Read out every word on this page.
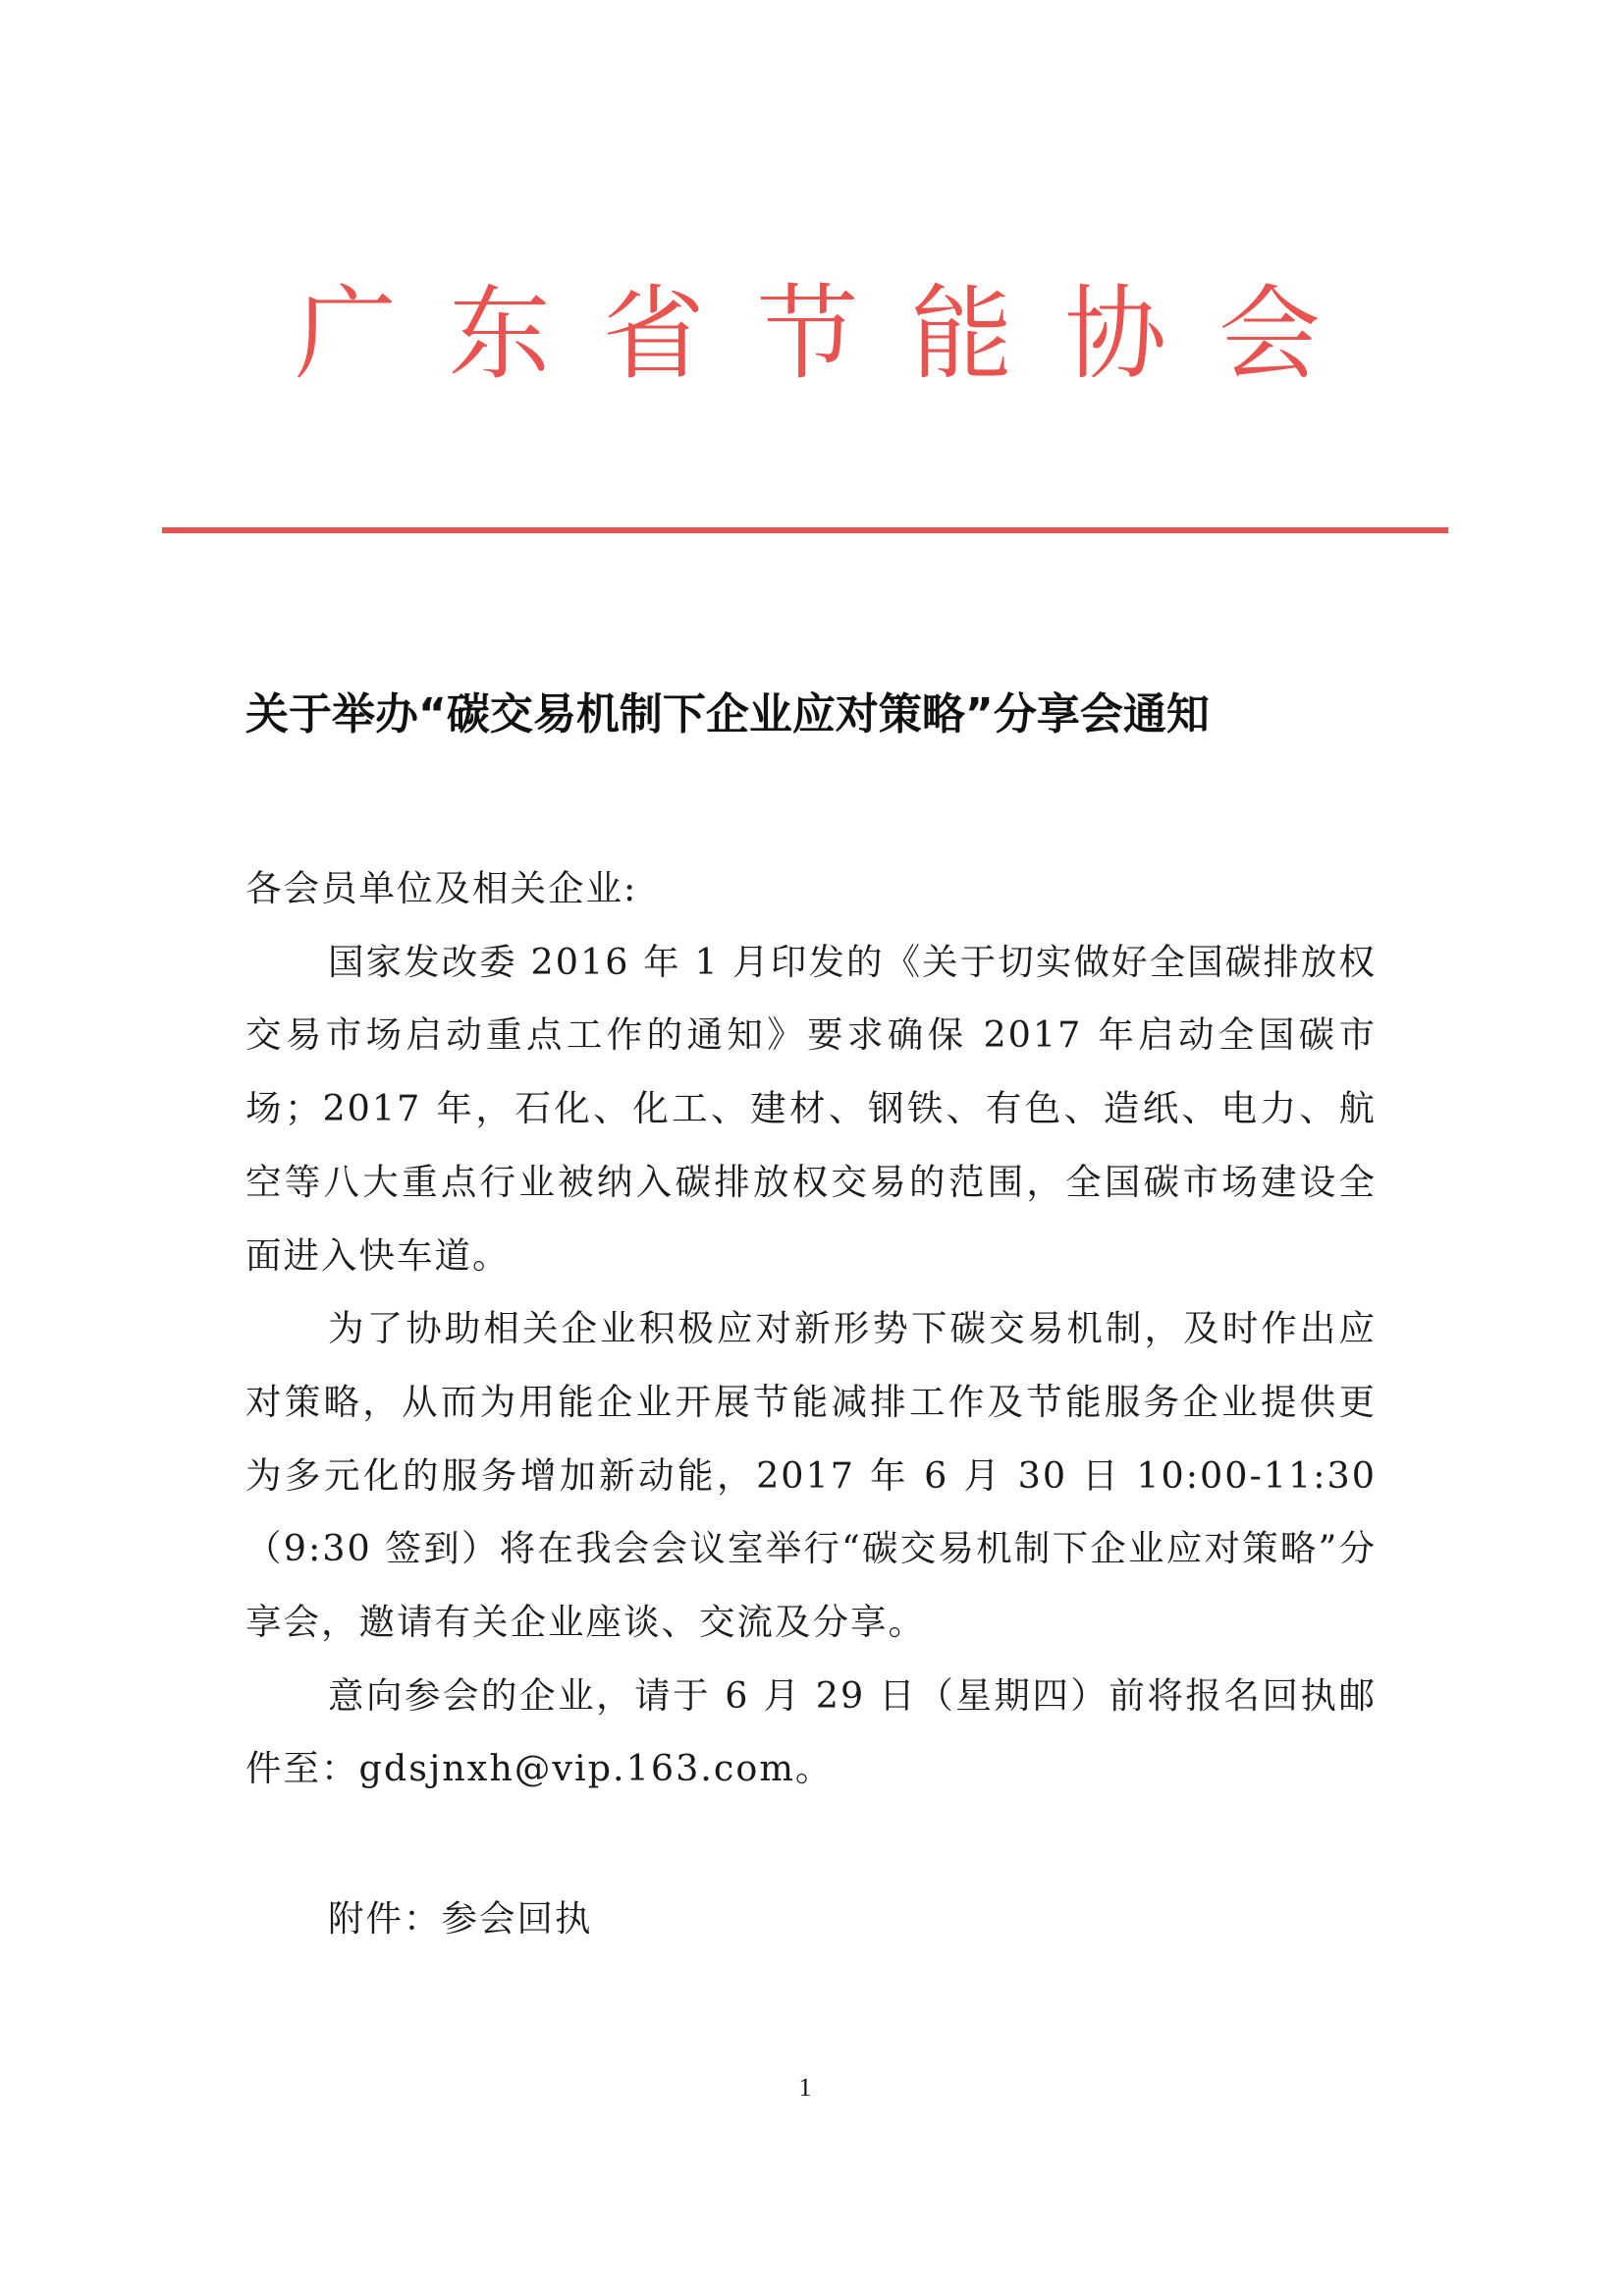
广 东 省 节 能 协 会
关于举办“碳交易机制下企业应对策略”分享会通知

各会员单位及相关企业:

国家发改委 2016 年 1 月印发的《关于切实做好全国碳排放权交易市场启动重点工作的通知》要求确保 2017 年启动全国碳市场；2017 年，石化、化工、建材、钢铁、有色、造纸、电力、航空等八大重点行业被纳入碳排放权交易的范围，全国碳市场建设全面进入快车道。

为了协助相关企业积极应对新形势下碳交易机制，及时作出应对策略，从而为用能企业开展节能减排工作及节能服务企业提供更为多元化的服务增加新动能，2017 年 6 月 30 日 10:00-11:30（9:30 签到）将在我会会议室举行“碳交易机制下企业应对策略”分享会，邀请有关企业座谈、交流及分享。

意向参会的企业，请于 6 月 29 日（星期四）前将报名回执邮件至：gdsjnxh@vip.163.com。

附件：参会回执
1
